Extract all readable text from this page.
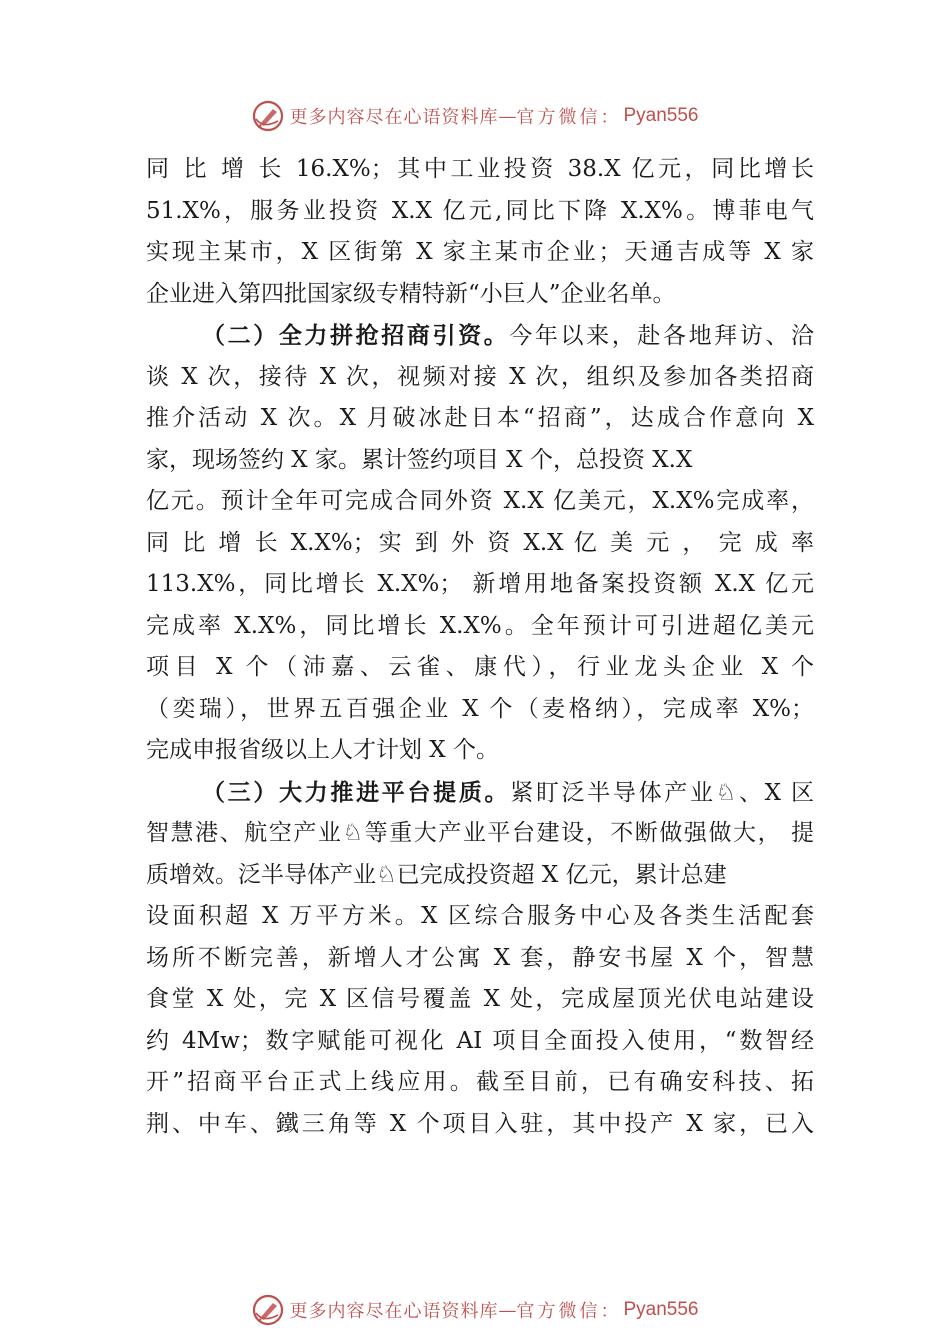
更多内容尽在心语资料库 — 官方微信： Pyan556
同 比 增 长 16.X%；其中工业投资 38.X 亿元，同比增长
51.X%，服务业投资 X.X 亿元,同比下降 X.X%。博菲电气
实现主某市，X 区街第 X 家主某市企业；天通吉成等 X 家
企业进入第四批国家级专精特新“小巨人”企业名单。
（二）全力拼抢招商引资。今年以来，赴各地拜访、洽
谈 X 次，接待 X 次，视频对接 X 次，组织及参加各类招商
推介活动 X 次。X 月破冰赴日本“招商”，达成合作意向 X
家，现场签约 X 家。累计签约项目 X 个，总投资 X.X
亿元。预计全年可完成合同外资 X.X 亿美元，X.X%完成率，
同 比 增 长 X.X%；实 到 外 资 X.X 亿 美 元 ， 完 成 率
113.X%，同比增长 X.X%； 新增用地备案投资额 X.X 亿元
完成率 X.X%，同比增长 X.X%。全年预计可引进超亿美元
项目 X 个（沛嘉、云雀、康代），行业龙头企业 X 个
（奕瑞），世界五百强企业 X 个（麦格纳），完成率 X%；
完成申报省级以上人才计划 X 个。
（三）大力推进平台提质。紧盯泛半导体产业♘、X 区
智慧港、航空产业♘等重大产业平台建设，不断做强做大， 提
质增效。泛半导体产业♘已完成投资超 X 亿元，累计总建
设面积超 X 万平方米。X 区综合服务中心及各类生活配套
场所不断完善，新增人才公寓 X 套，静安书屋 X 个，智慧
食堂 X 处，完 X 区信号覆盖 X 处，完成屋顶光伏电站建设
约 4Mw；数字赋能可视化 AI 项目全面投入使用，“数智经
开”招商平台正式上线应用。截至目前，已有确安科技、拓
荆、中车、鐵三角等 X 个项目入驻，其中投产 X 家，已入
更多内容尽在心语资料库 — 官方微信： Pyan556
